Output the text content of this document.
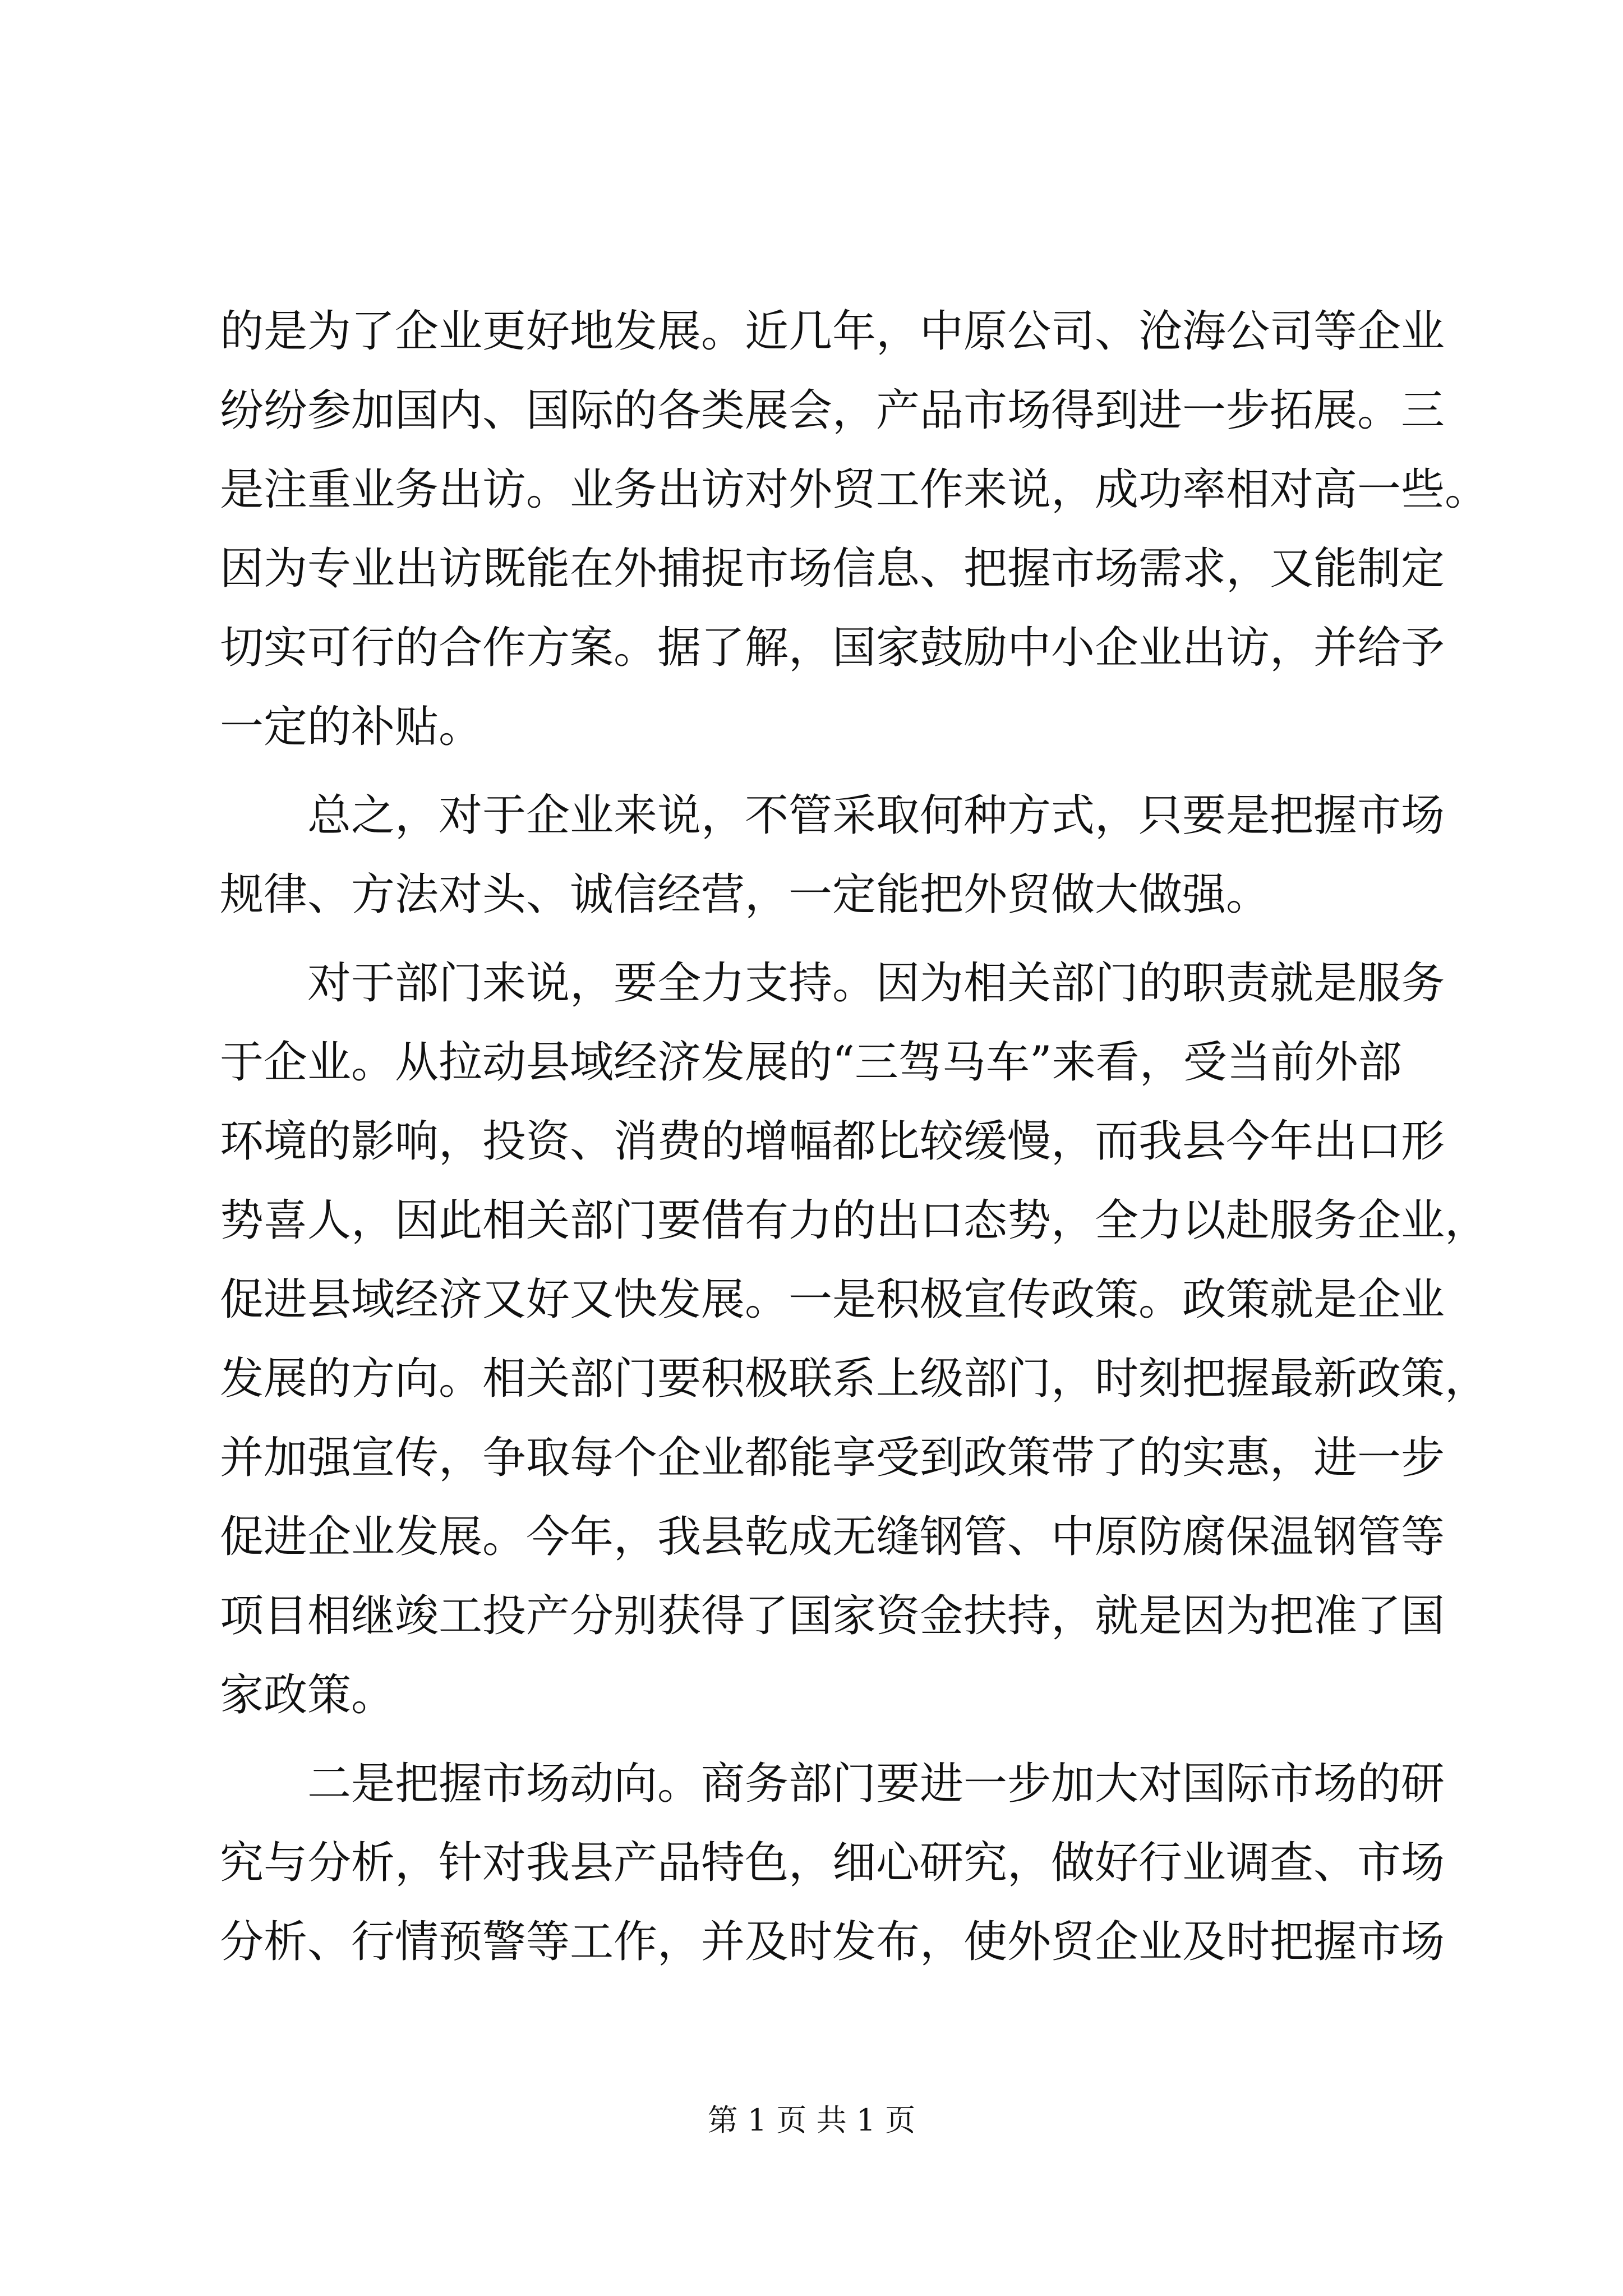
的是为了企业更好地发展。近几年，中原公司、沧海公司等企业
纷纷参加国内、国际的各类展会，产品市场得到进一步拓展。三
是注重业务出访。业务出访对外贸工作来说，成功率相对高一些。
因为专业出访既能在外捕捉市场信息、把握市场需求，又能制定
切实可行的合作方案。据了解，国家鼓励中小企业出访，并给予
一定的补贴。
总之，对于企业来说，不管采取何种方式，只要是把握市场
规律、方法对头、诚信经营，一定能把外贸做大做强。
对于部门来说，要全力支持。因为相关部门的职责就是服务
于企业。从拉动县域经济发展的“三驾马车”来看，受当前外部
环境的影响，投资、消费的增幅都比较缓慢，而我县今年出口形
势喜人，因此相关部门要借有力的出口态势，全力以赴服务企业，
促进县域经济又好又快发展。一是积极宣传政策。政策就是企业
发展的方向。相关部门要积极联系上级部门，时刻把握最新政策，
并加强宣传，争取每个企业都能享受到政策带了的实惠，进一步
促进企业发展。今年，我县乾成无缝钢管、中原防腐保温钢管等
项目相继竣工投产分别获得了国家资金扶持，就是因为把准了国
家政策。
二是把握市场动向。商务部门要进一步加大对国际市场的研
究与分析，针对我县产品特色，细心研究，做好行业调查、市场
分析、行情预警等工作，并及时发布，使外贸企业及时把握市场
第 1 页 共 1 页
